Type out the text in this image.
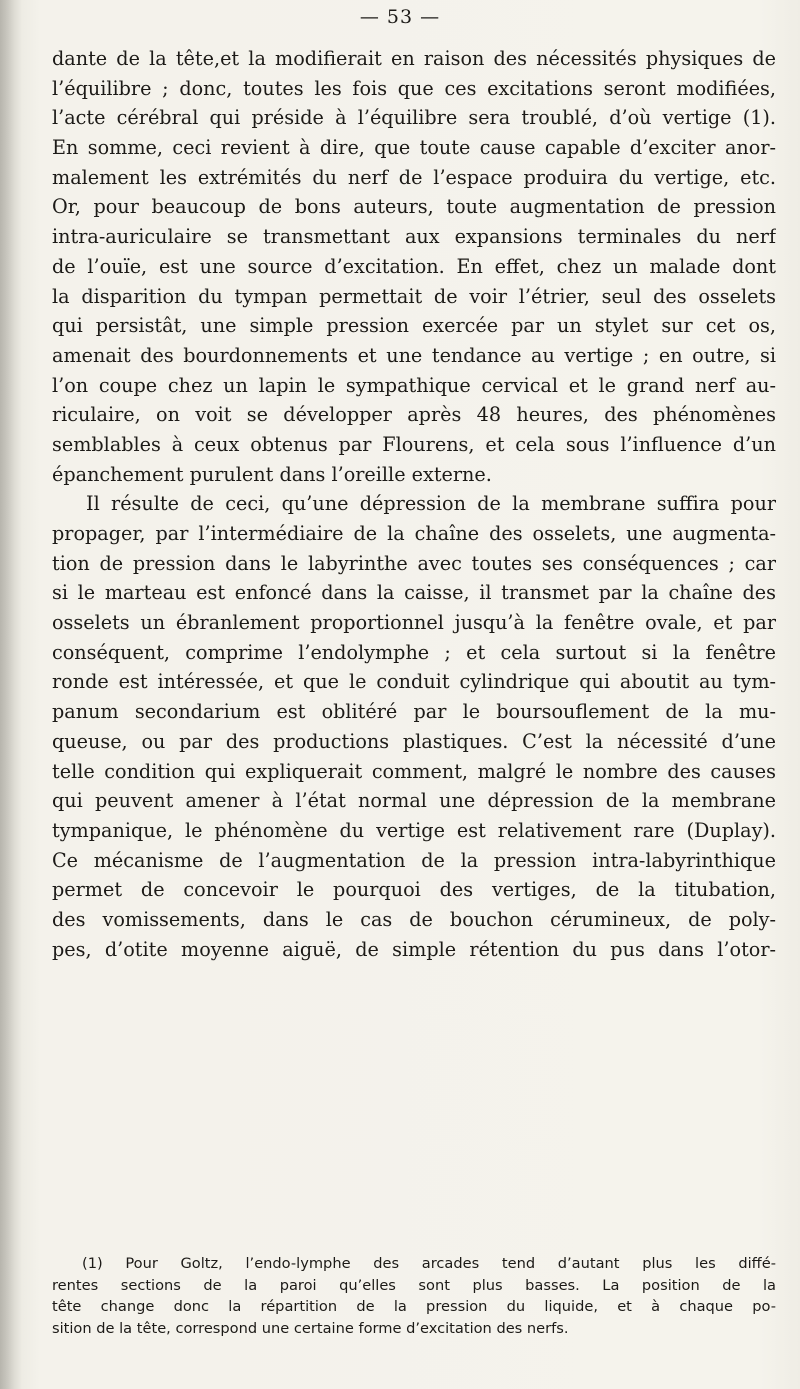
— 53 —
dante de la tête,et la modifierait en raison des nécessités physiques de
l’équilibre ; donc, toutes les fois que ces excitations seront modifiées,
l’acte cérébral qui préside à l’équilibre sera troublé, d’où vertige (1).
En somme, ceci revient à dire, que toute cause capable d’exciter anor-
malement les extrémités du nerf de l’espace produira du vertige, etc.
Or, pour beaucoup de bons auteurs, toute augmentation de pression
intra-auriculaire se transmettant aux expansions terminales du nerf
de l’ouïe, est une source d’excitation. En effet, chez un malade dont
la disparition du tympan permettait de voir l’étrier, seul des osselets
qui persistât, une simple pression exercée par un stylet sur cet os,
amenait des bourdonnements et une tendance au vertige ; en outre, si
l’on coupe chez un lapin le sympathique cervical et le grand nerf au-
riculaire, on voit se développer après 48 heures, des phénomènes
semblables à ceux obtenus par Flourens, et cela sous l’influence d’un
épanchement purulent dans l’oreille externe.
Il résulte de ceci, qu’une dépression de la membrane suffira pour
propager, par l’intermédiaire de la chaîne des osselets, une augmenta-
tion de pression dans le labyrinthe avec toutes ses conséquences ; car
si le marteau est enfoncé dans la caisse, il transmet par la chaîne des
osselets un ébranlement proportionnel jusqu’à la fenêtre ovale, et par
conséquent, comprime l’endolymphe ; et cela surtout si la fenêtre
ronde est intéressée, et que le conduit cylindrique qui aboutit au tym-
panum secondarium est oblitéré par le boursouflement de la mu-
queuse, ou par des productions plastiques. C’est la nécessité d’une
telle condition qui expliquerait comment, malgré le nombre des causes
qui peuvent amener à l’état normal une dépression de la membrane
tympanique, le phénomène du vertige est relativement rare (Duplay).
Ce mécanisme de l’augmentation de la pression intra-labyrinthique
permet de concevoir le pourquoi des vertiges, de la titubation,
des vomissements, dans le cas de bouchon cérumineux, de poly-
pes, d’otite moyenne aiguë, de simple rétention du pus dans l’otor-
(1) Pour Goltz, l’endo-lymphe des arcades tend d’autant plus les diffé-
rentes sections de la paroi qu’elles sont plus basses. La position de la
tête change donc la répartition de la pression du liquide, et à chaque po-
sition de la tête, correspond une certaine forme d’excitation des nerfs.
